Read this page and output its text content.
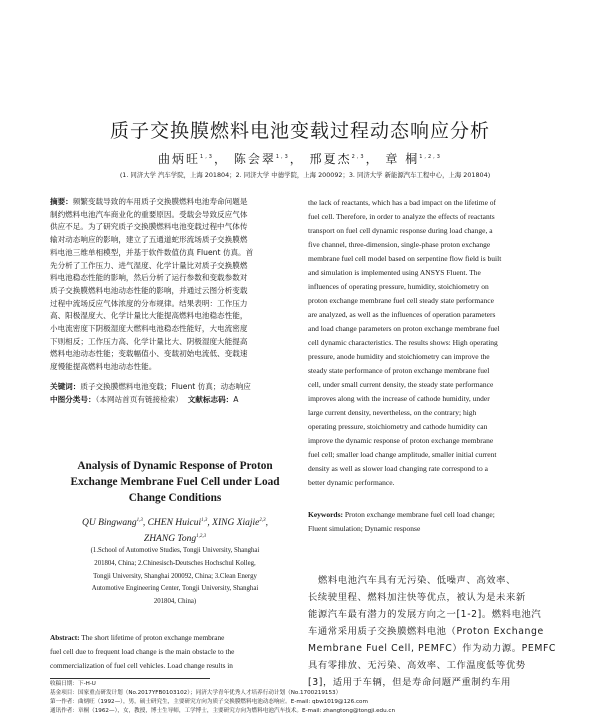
质子交换膜燃料电池变载过程动态响应分析
曲炳旺$^{1,3}$， 陈会翠$^{1,3}$， 邢夏杰$^{2,3}$， 章 桐$^{1,2,3}$
(1. 同济大学 汽车学院，上海 201804；2. 同济大学 中德学院，上海 200092；3. 同济大学 新能源汽车工程中心，上海 201804)
摘要：频繁变载导致的车用质子交换膜燃料电池寿命问题是
制约燃料电池汽车商业化的重要原因。受载会导致反应气体
供应不足。为了研究质子交换膜燃料电池变载过程中气体传
输对动态响应的影响，建立了五通道蛇形流场质子交换膜燃
料电池三维单相模型，并基于软件数值仿真 Fluent 仿真。首
先分析了工作压力、进气湿度、化学计量比对质子交换膜燃
料电池稳态性能的影响，然后分析了运行参数和变载参数对
质子交换膜燃料电池动态性能的影响，并通过云图分析变载
过程中流场反应气体浓度的分布规律。结果表明：工作压力
高、阳极湿度大、化学计量比大能提高燃料电池稳态性能，
小电流密度下阴极湿度大燃料电池稳态性能好，大电流密度
下则相反；工作压力高、化学计量比大、阴极湿度大能提高
燃料电池动态性能；变载幅值小、变载初始电流低、变载速
度慢能提高燃料电池动态性能。
关键词：质子交换膜燃料电池变载；Fluent 仿真；动态响应
中图分类号：（本网站首页有链接检索） 文献标志码：A
Analysis of Dynamic Response of Proton
Exchange Membrane Fuel Cell under Load
Change Conditions
QU Bingwang$^{1,3}$, CHEN Huicui$^{1,3}$, XING Xiajie$^{2,3}$,
ZHANG Tong$^{1,2,3}$
(1.School of Automotive Studies, Tongji University, Shanghai
201804, China; 2.Chinesisch-Deutsches Hochschul Kolleg,
Tongji University, Shanghai 200092, China; 3.Clean Energy
Automotive Engineering Center, Tongji University, Shanghai
201804, China)
Abstract: The short lifetime of proton exchange membrane
fuel cell due to frequent load change is the main obstacle to the
commercialization of fuel cell vehicles. Load change results in
收稿日期：下-H-U
基金项目：国家重点研发计划（No.2017YFB0103102）；同济大学青年优秀人才培养行动计划（No.1700219153）
第一作者：曲炳旺（1992—），男，硕士研究生，主要研究方向为质子交换膜燃料电池动态响应。E-mail: qbw1019@126.com
通讯作者：章桐（1962—），女，教授，博士生导师，工学博士，主要研究方向为燃料电池汽车技术。E-mail: zhangtong@tongji.edu.cn
the lack of reactants, which has a bad impact on the lifetime of
fuel cell. Therefore, in order to analyze the effects of reactants
transport on fuel cell dynamic response during load change, a
five channel, three-dimension, single-phase proton exchange
membrane fuel cell model based on serpentine flow field is built
and simulation is implemented using ANSYS Fluent. The
influences of operating pressure, humidity, stoichiometry on
proton exchange membrane fuel cell steady state performance
are analyzed, as well as the influences of operation parameters
and load change parameters on proton exchange membrane fuel
cell dynamic characteristics. The results shows: High operating
pressure, anode humidity and stoichiometry can improve the
steady state performance of proton exchange membrane fuel
cell, under small current density, the steady state performance
improves along with the increase of cathode humidity, under
large current density, nevertheless, on the contrary; high
operating pressure, stoichiometry and cathode humidity can
improve the dynamic response of proton exchange membrane
fuel cell; smaller load change amplitude, smaller initial current
density as well as slower load changing rate correspond to a
better dynamic performance.
Keywords: Proton exchange membrane fuel cell load change;
Fluent simulation; Dynamic response
燃料电池汽车具有无污染、低噪声、高效率、
长续驶里程、燃料加注快等优点，被认为是未来新
能源汽车最有潜力的发展方向之一[1-2]。燃料电池汽
车通常采用质子交换膜燃料电池（Proton Exchange
Membrane Fuel Cell, PEMFC）作为动力源。PEMFC
具有零排放、无污染、高效率、工作温度低等优势
[3]，适用于车辆，但是寿命问题严重制约车用
